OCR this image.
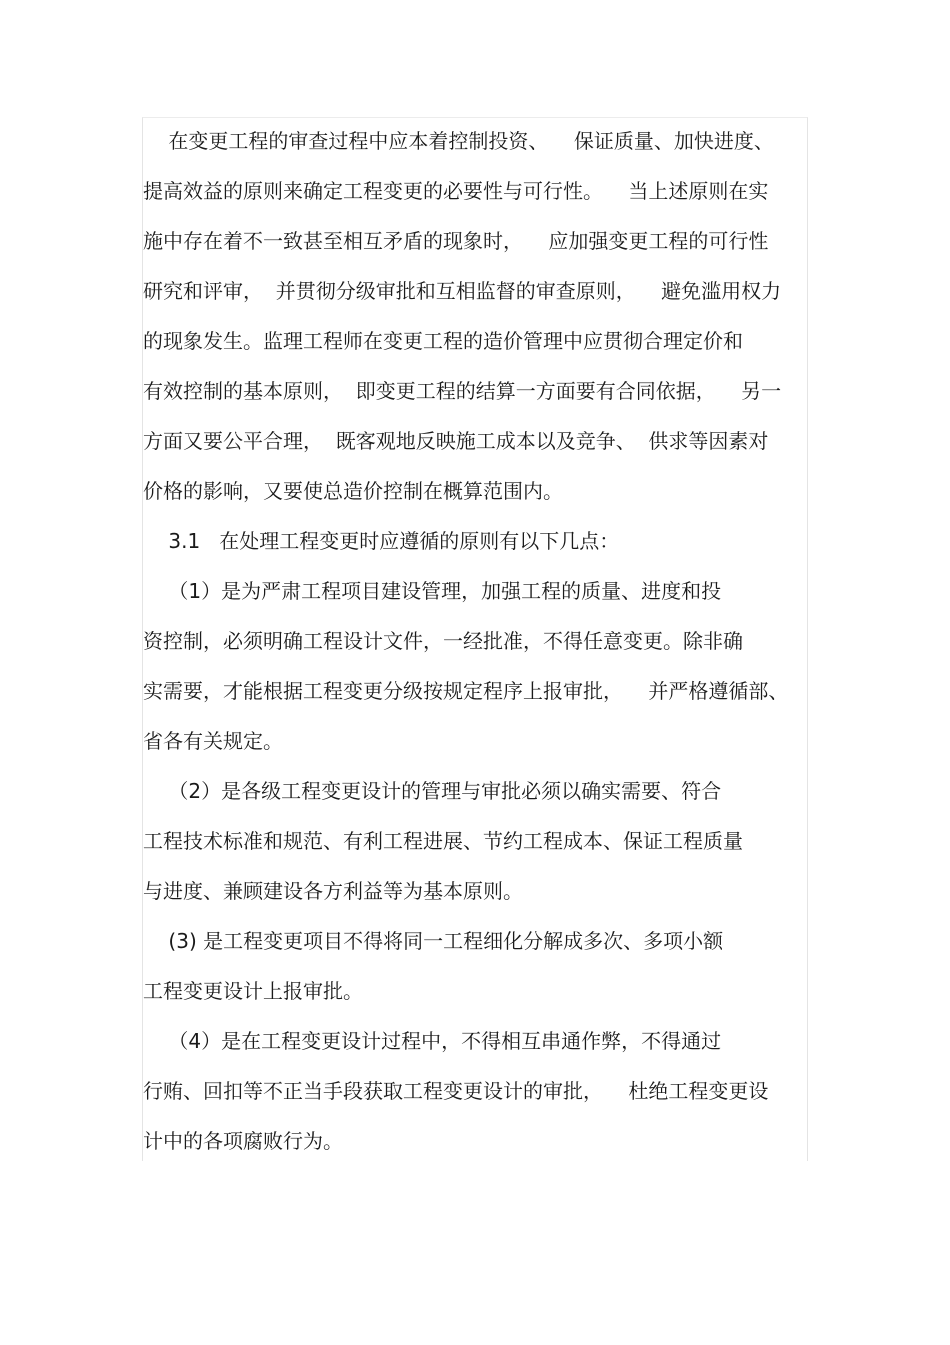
在变更工程的审查过程中应本着控制投资、    保证质量、加快进度、
提高效益的原则来确定工程变更的必要性与可行性。    当上述原则在实
施中存在着不一致甚至相互矛盾的现象时，    应加强变更工程的可行性
研究和评审，  并贯彻分级审批和互相监督的审查原则，    避免滥用权力
的现象发生。监理工程师在变更工程的造价管理中应贯彻合理定价和
有效控制的基本原则，  即变更工程的结算一方面要有合同依据，    另一
方面又要公平合理，  既客观地反映施工成本以及竞争、  供求等因素对
价格的影响，又要使总造价控制在概算范围内。
3.1   在处理工程变更时应遵循的原则有以下几点：
（1）是为严肃工程项目建设管理，加强工程的质量、进度和投
资控制，必须明确工程设计文件，一经批准，不得任意变更。除非确
实需要，才能根据工程变更分级按规定程序上报审批，    并严格遵循部、
省各有关规定。
（2）是各级工程变更设计的管理与审批必须以确实需要、符合
工程技术标准和规范、有利工程进展、节约工程成本、保证工程质量
与进度、兼顾建设各方利益等为基本原则。
(3) 是工程变更项目不得将同一工程细化分解成多次、多项小额
工程变更设计上报审批。
（4）是在工程变更设计过程中，不得相互串通作弊，不得通过
行贿、回扣等不正当手段获取工程变更设计的审批，    杜绝工程变更设
计中的各项腐败行为。
